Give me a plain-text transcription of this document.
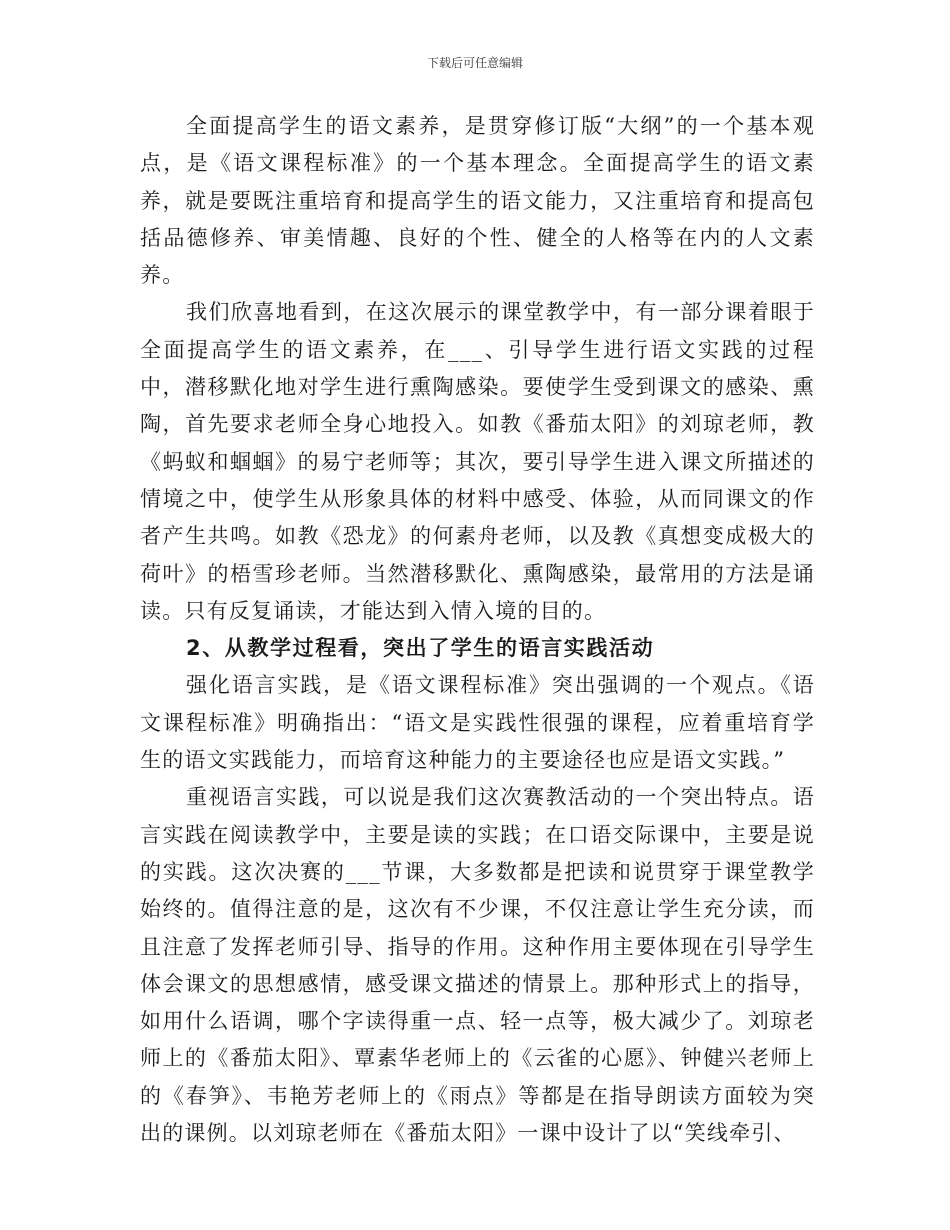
下载后可任意编辑

全面提高学生的语文素养，是贯穿修订版“大纲”的一个基本观点，是《语文课程标准》的一个基本理念。全面提高学生的语文素养，就是要既注重培育和提高学生的语文能力，又注重培育和提高包括品德修养、审美情趣、良好的个性、健全的人格等在内的人文素养。

我们欣喜地看到，在这次展示的课堂教学中，有一部分课着眼于全面提高学生的语文素养，在___、引导学生进行语文实践的过程中，潜移默化地对学生进行熏陶感染。要使学生受到课文的感染、熏陶，首先要求老师全身心地投入。如教《番茄太阳》的刘琼老师，教《蚂蚁和蝈蝈》的易宁老师等；其次，要引导学生进入课文所描述的情境之中，使学生从形象具体的材料中感受、体验，从而同课文的作者产生共鸣。如教《恐龙》的何素舟老师，以及教《真想变成极大的荷叶》的梧雪珍老师。当然潜移默化、熏陶感染，最常用的方法是诵读。只有反复诵读，才能达到入情入境的目的。

2、从教学过程看，突出了学生的语言实践活动

强化语言实践，是《语文课程标准》突出强调的一个观点。《语文课程标准》明确指出：“语文是实践性很强的课程，应着重培育学生的语文实践能力，而培育这种能力的主要途径也应是语文实践。”

重视语言实践，可以说是我们这次赛教活动的一个突出特点。语言实践在阅读教学中，主要是读的实践；在口语交际课中，主要是说的实践。这次决赛的___节课，大多数都是把读和说贯穿于课堂教学始终的。值得注意的是，这次有不少课，不仅注意让学生充分读，而且注意了发挥老师引导、指导的作用。这种作用主要体现在引导学生体会课文的思想感情，感受课文描述的情景上。那种形式上的指导，如用什么语调，哪个字读得重一点、轻一点等，极大减少了。刘琼老师上的《番茄太阳》、覃素华老师上的《云雀的心愿》、钟健兴老师上的《春笋》、韦艳芳老师上的《雨点》等都是在指导朗读方面较为突出的课例。以刘琼老师在《番茄太阳》一课中设计了以“笑线牵引、
